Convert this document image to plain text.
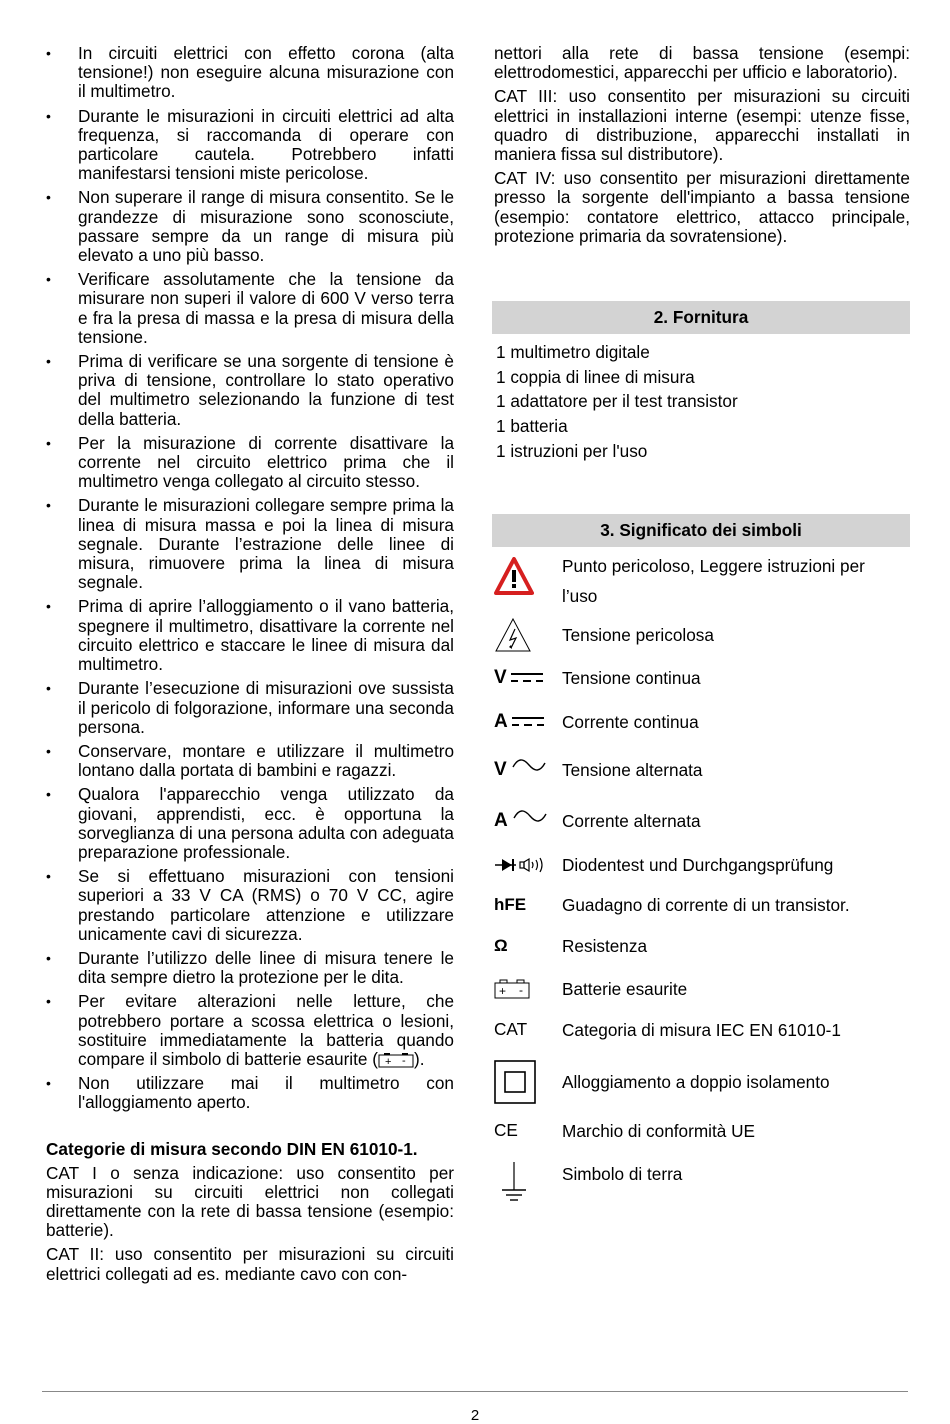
• In circuiti elettrici con effetto corona (alta tensione!) non eseguire alcuna misurazione con il multimetro.
• Durante le misurazioni in circuiti elettrici ad alta frequenza, si raccomanda di operare con particolare cautela. Potrebbero infatti manifestarsi tensioni miste pericolose.
• Non superare il range di misura consentito. Se le grandezze di misurazione sono sconosciute, passare sempre da un range di misura più elevato a uno più basso.
• Verificare assolutamente che la tensione da misurare non superi il valore di 600 V verso terra e fra la presa di massa e la presa di misura della tensione.
• Prima di verificare se una sorgente di tensione è priva di tensione, controllare lo stato operativo del multimetro selezionando la funzione di test della batteria.
• Per la misurazione di corrente disattivare la corrente nel circuito elettrico prima che il multimetro venga collegato al circuito stesso.
• Durante le misurazioni collegare sempre prima la linea di misura massa e poi la linea di misura segnale. Durante l’estrazione delle linee di misura, rimuovere prima la linea di misura segnale.
• Prima di aprire l’alloggiamento o il vano batteria, spegnere il multimetro, disattivare la corrente nel circuito elettrico e staccare le linee di misura dal multimetro.
• Durante l’esecuzione di misurazioni ove sussista il pericolo di folgorazione, informare una seconda persona.
• Conservare, montare e utilizzare il multimetro lontano dalla portata di bambini e ragazzi.
• Qualora l'apparecchio venga utilizzato da giovani, apprendisti, ecc. è opportuna la sorveglianza di una persona adulta con adeguata preparazione professionale.
• Se si effettuano misurazioni con tensioni superiori a 33 V CA (RMS) o 70 V CC, agire prestando particolare attenzione e utilizzare unicamente cavi di sicurezza.
• Durante l’utilizzo delle linee di misura tenere le dita sempre dietro la protezione per le dita.
• Per evitare alterazioni nelle letture, che potrebbero portare a scossa elettrica o lesioni, sostituire immediatamente la batteria quando compare il simbolo di batterie esaurite ( + - ).
• Non utilizzare mai il multimetro con l'alloggiamento aperto.
Categorie di misura secondo DIN EN 61010-1.

CAT I o senza indicazione: uso consentito per misurazioni su circuiti elettrici non collegati direttamente con la rete di bassa tensione (esempio: batterie).

CAT II: uso consentito per misurazioni su circuiti elettrici collegati ad es. mediante cavo con con-

nettori alla rete di bassa tensione (esempi: elettrodomestici, apparecchi per ufficio e laboratorio).

CAT III: uso consentito per misurazioni su circuiti elettrici in installazioni interne (esempi: utenze fisse, quadro di distribuzione, apparecchi installati in maniera fissa sul distributore).

CAT IV: uso consentito per misurazioni direttamente presso la sorgente dell'impianto a bassa tensione (esempio: contatore elettrico, attacco principale, protezione primaria da sovratensione).

2. Fornitura
1 multimetro digitale
1 coppia di linee di misura
1 adattatore per il test transistor
1 batteria
1 istruzioni per l'uso
3. Significato dei simboli
Punto pericoloso, Leggere istruzioni per l’uso
Tensione pericolosa
V	Tensione continua
A	Corrente continua
V	Tensione alternata
A	Corrente alternata
Diodentest und Durchgangsprüfung
hFE Guadagno di corrente di un transistor.
Ω	Resistenza
+ - Batterie esaurite
CAT Categoria di misura IEC EN 61010-1
Alloggiamento a doppio isolamento
CE	Marchio di conformità UE
Simbolo di terra
2
